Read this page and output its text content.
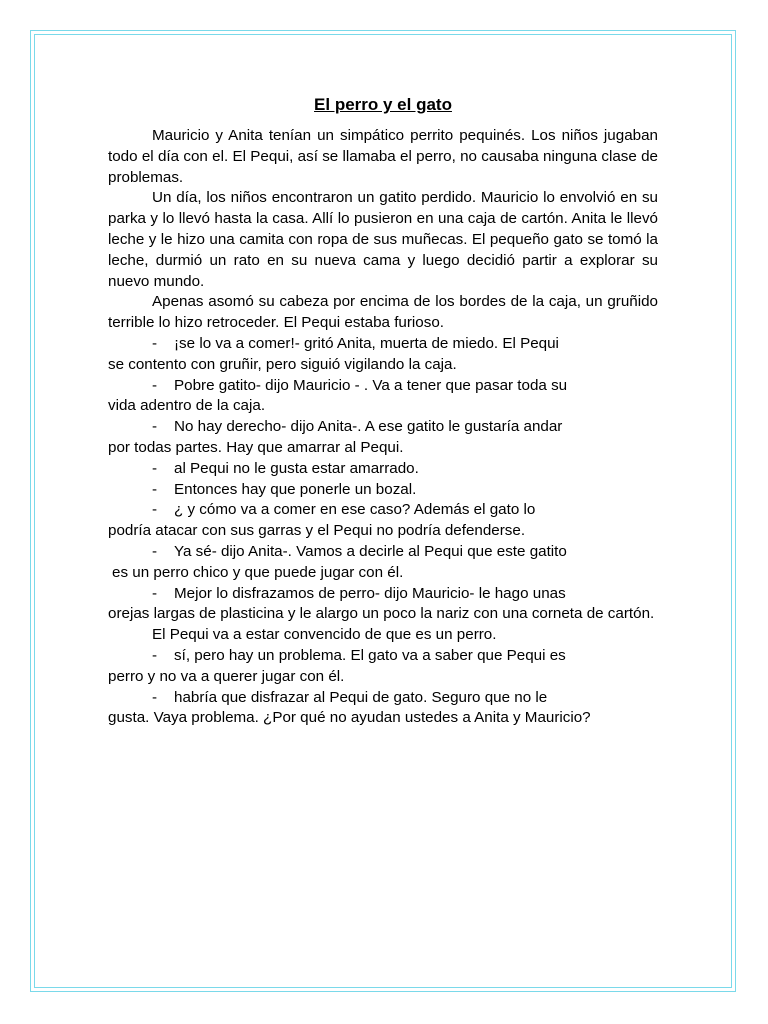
El perro y el gato

Mauricio y Anita tenían un simpático perrito pequinés. Los niños jugaban todo el día con el. El Pequi, así se llamaba el perro, no causaba ninguna clase de problemas.

Un día, los niños encontraron un gatito perdido. Mauricio lo envolvió en su parka y lo llevó hasta la casa. Allí lo pusieron en una caja de cartón. Anita le llevó leche y le hizo una camita con ropa de sus muñecas. El pequeño gato se tomó la leche, durmió un rato en su nueva cama y luego decidió partir a explorar su nuevo mundo.

Apenas asomó su cabeza por encima de los bordes de la caja, un gruñido terrible lo hizo retroceder. El Pequi estaba furioso.

- ¡se lo va a comer!- gritó Anita, muerta de miedo. El Pequi
se contento con gruñir, pero siguió vigilando la caja.
- Pobre gatito- dijo Mauricio - . Va a tener que pasar toda su
vida adentro de la caja.
- No hay derecho- dijo Anita-. A ese gatito le gustaría andar
por todas partes. Hay que amarrar al Pequi.
- al Pequi no le gusta estar amarrado.
- Entonces hay que ponerle un bozal.
- ¿ y cómo va a comer en ese caso? Además el gato lo
podría atacar con sus garras y el Pequi no podría defenderse.
- Ya sé- dijo Anita-. Vamos a decirle al Pequi que este gatito
es un perro chico y que puede jugar con él.
- Mejor lo disfrazamos de perro- dijo Mauricio- le hago unas
orejas largas de plasticina y le alargo un poco la nariz con una corneta de cartón.

El Pequi va a estar convencido de que es un perro.

- sí, pero hay un problema. El gato va a saber que Pequi es
perro y no va a querer jugar con él.
- habría que disfrazar al Pequi de gato. Seguro que no le
gusta. Vaya problema. ¿Por qué no ayudan ustedes a Anita y Mauricio?
